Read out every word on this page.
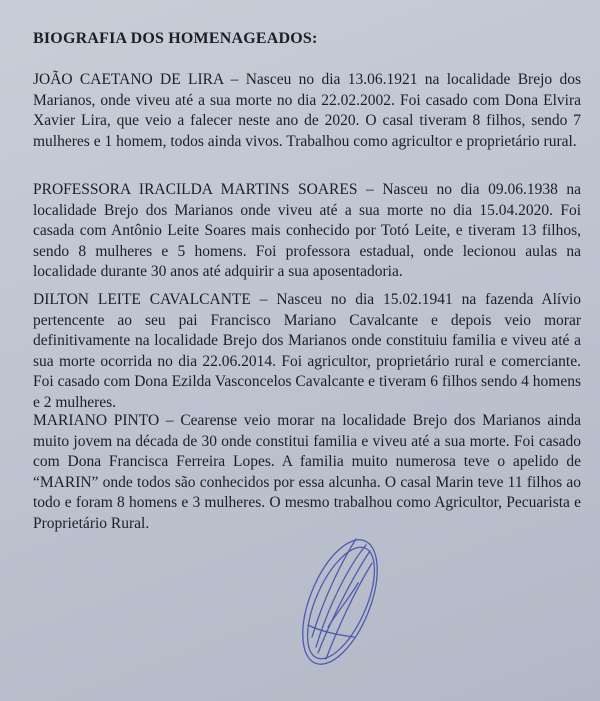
BIOGRAFIA DOS HOMENAGEADOS:

JOÃO CAETANO DE LIRA – Nasceu no dia 13.06.1921 na localidade Brejo dos Marianos, onde viveu até a sua morte no dia 22.02.2002. Foi casado com Dona Elvira Xavier Lira, que veio a falecer neste ano de 2020. O casal tiveram 8 filhos, sendo 7 mulheres e 1 homem, todos ainda vivos. Trabalhou como agricultor e proprietário rural.

PROFESSORA IRACILDA MARTINS SOARES – Nasceu no dia 09.06.1938 na localidade Brejo dos Marianos onde viveu até a sua morte no dia 15.04.2020. Foi casada com Antônio Leite Soares mais conhecido por Totó Leite, e tiveram 13 filhos, sendo 8 mulheres e 5 homens. Foi professora estadual, onde lecionou aulas na localidade durante 30 anos até adquirir a sua aposentadoria.

DILTON LEITE CAVALCANTE – Nasceu no dia 15.02.1941 na fazenda Alívio pertencente ao seu pai Francisco Mariano Cavalcante e depois veio morar definitivamente na localidade Brejo dos Marianos onde constituiu familia e viveu até a sua morte ocorrida no dia 22.06.2014. Foi agricultor, proprietário rural e comerciante. Foi casado com Dona Ezilda Vasconcelos Cavalcante e tiveram 6 filhos sendo 4 homens e 2 mulheres.

MARIANO PINTO – Cearense veio morar na localidade Brejo dos Marianos ainda muito jovem na década de 30 onde constitui familia e viveu até a sua morte. Foi casado com Dona Francisca Ferreira Lopes. A familia muito numerosa teve o apelido de “MARIN” onde todos são conhecidos por essa alcunha. O casal Marin teve 11 filhos ao todo e foram 8 homens e 3 mulheres. O mesmo trabalhou como Agricultor, Pecuarista e Proprietário Rural.
